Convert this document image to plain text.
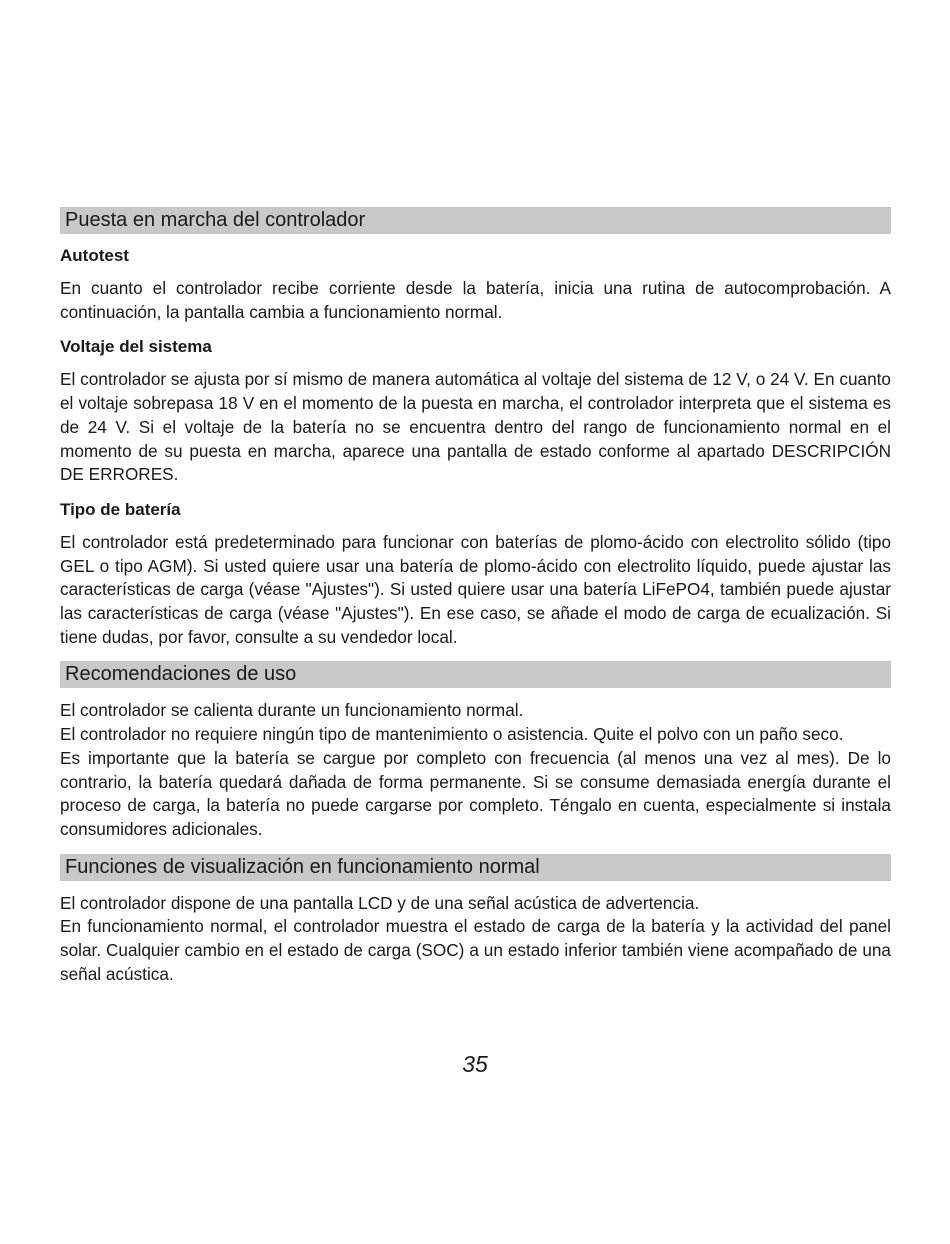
Puesta en marcha del controlador
Autotest

En cuanto el controlador recibe corriente desde la batería, inicia una rutina de autocomprobación. A continuación, la pantalla cambia a funcionamiento normal.

Voltaje del sistema

El controlador se ajusta por sí mismo de manera automática al voltaje del sistema de 12 V, o 24 V. En cuanto el voltaje sobrepasa 18 V en el momento de la puesta en marcha, el controlador interpreta que el sistema es de 24 V. Si el voltaje de la batería no se encuentra dentro del rango de funcionamiento normal en el momento de su puesta en marcha, aparece una pantalla de estado conforme al apartado DESCRIPCIÓN DE ERRORES.

Tipo de batería

El controlador está predeterminado para funcionar con baterías de plomo-ácido con electrolito sólido (tipo GEL o tipo AGM). Si usted quiere usar una batería de plomo-ácido con electrolito líquido, puede ajustar las características de carga (véase "Ajustes"). Si usted quiere usar una batería LiFePO4, también puede ajustar las características de carga (véase "Ajustes"). En ese caso, se añade el modo de carga de ecualización. Si tiene dudas, por favor, consulte a su vendedor local.

Recomendaciones de uso

El controlador se calienta durante un funcionamiento normal.

El controlador no requiere ningún tipo de mantenimiento o asistencia. Quite el polvo con un paño seco.

Es importante que la batería se cargue por completo con frecuencia (al menos una vez al mes). De lo contrario, la batería quedará dañada de forma permanente. Si se consume demasiada energía durante el proceso de carga, la batería no puede cargarse por completo. Téngalo en cuenta, especialmente si instala consumidores adicionales.

Funciones de visualización en funcionamiento normal

El controlador dispone de una pantalla LCD y de una señal acústica de advertencia.

En funcionamiento normal, el controlador muestra el estado de carga de la batería y la actividad del panel solar. Cualquier cambio en el estado de carga (SOC) a un estado inferior también viene acompañado de una señal acústica.

35
